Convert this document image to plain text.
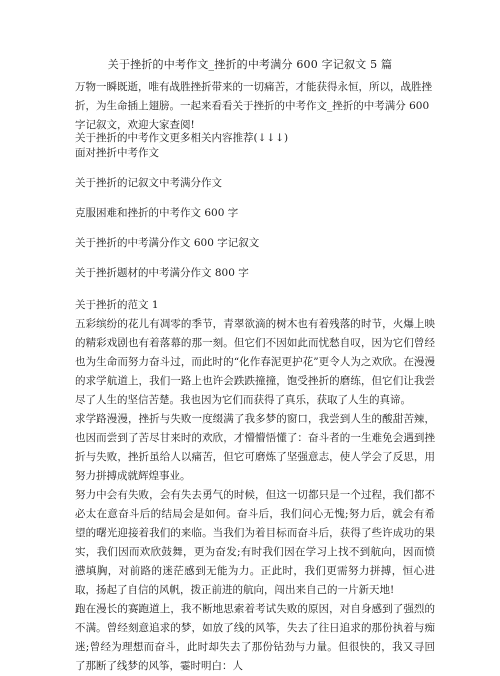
关于挫折的中考作文_挫折的中考满分 600 字记叙文 5 篇

万物一瞬既逝，唯有战胜挫折带来的一切痛苦，才能获得永恒，所以，战胜挫折，为生命插上翅膀。一起来看看关于挫折的中考作文_挫折的中考满分 600 字记叙文，欢迎大家查阅!

关于挫折的中考作文更多相关内容推荐(↓↓↓)
面对挫折中考作文
关于挫折的记叙文中考满分作文
克服困难和挫折的中考作文 600 字
关于挫折的中考满分作文 600 字记叙文
关于挫折题材的中考满分作文 800 字

关于挫折的范文 1

五彩缤纷的花儿有凋零的季节，青翠欲滴的树木也有着残落的时节，火爆上映的精彩戏剧也有着落幕的那一刻。但它们不因如此而忧愁自叹，因为它们曾经也为生命而努力奋斗过，而此时的“化作春泥更护花”更令人为之欢欣。在漫漫的求学航道上，我们一路上也许会跌跌撞撞，饱受挫折的磨练，但它们让我尝尽了人生的坚信苦楚。我也因为它们而获得了真乐，获取了人生的真谛。

求学路漫漫，挫折与失败一度缀满了我多梦的窗口，我尝到人生的酸甜苦辣，也因而尝到了苦尽甘来时的欢欣，才懵懵悟懂了：奋斗者的一生难免会遇到挫折与失败，挫折虽给人以痛苦，但它可磨炼了坚强意志，使人学会了反思，用努力拼搏成就辉煌事业。

努力中会有失败，会有失去勇气的时候，但这一切都只是一个过程，我们都不必太在意奋斗后的结局会是如何。奋斗后，我们问心无愧;努力后，就会有希望的曙光迎接着我们的来临。当我们为着目标而奋斗后，获得了些许成功的果实，我们因而欢欣鼓舞，更为奋发;有时我们因在学习上找不到航向，因而愤懑填胸，对前路的迷茫感到无能为力。正此时，我们更需努力拼搏，恒心进取，扬起了自信的风帆，拨正前进的航向，闯出来自己的一片新天地!

跑在漫长的赛跑道上，我不断地思索着考试失败的原因，对自身感到了强烈的不满。曾经刻意追求的梦，如放了线的风筝，失去了往日追求的那份执着与痴迷;曾经为理想而奋斗，此时却失去了那份钻劲与力量。但很快的，我又寻回了那断了线梦的风筝，霎时明白：人
